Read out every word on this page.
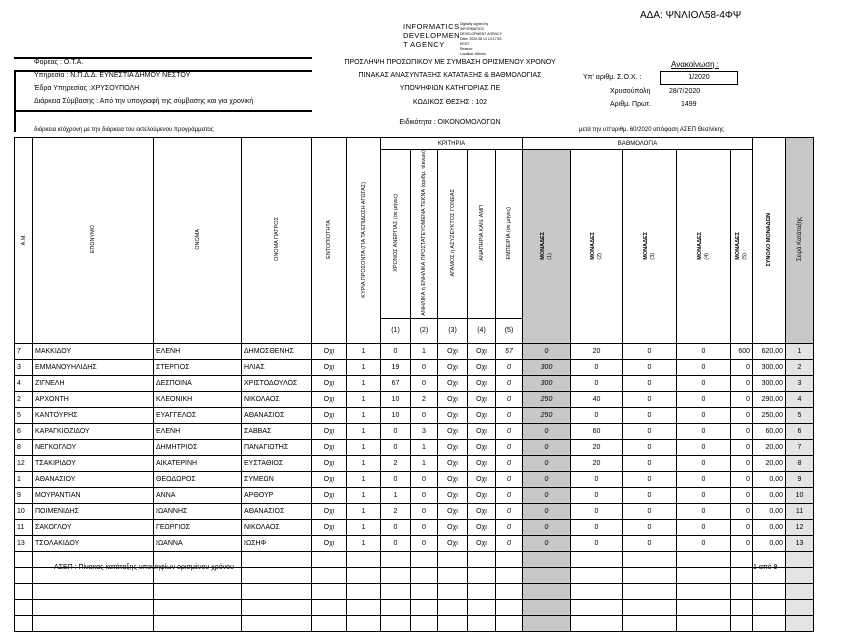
ΑΔΑ: ΨΝΛΙΟΛ58-4ΦΨ
INFORMATICS
DEVELOPMEN
T AGENCY
Digitally signed by
INFORMATICS
DEVELOPMENT AGENCY
Date: 2020.08.13 13:17:53
EEST
Reason:
Location: Athens
Φορέας : Ο.Τ.Α.
Υπηρεσία : Ν.Π.Δ.Δ. ΕΥΝΕΣΤΙΑ ΔΗΜΟΥ ΝΕΣΤΟΥ
Έδρα Υπηρεσίας :ΧΡΥΣΟΥΠΟΛΗ
Διάρκεια Σύμβασης : Από την υπογραφή της σύμβασης και για χρονική
διάρκεια ισόχρονη με την διάρκεια του εκτελούμενου προγράμματος
ΠΡΟΣΛΗΨΗ ΠΡΟΣΩΠΙΚΟΥ ΜΕ ΣΥΜΒΑΣΗ ΟΡΙΣΜΕΝΟΥ ΧΡΟΝΟΥ
ΠΙΝΑΚΑΣ ΑΝΑΣΥΝΤΑΞΗΣ ΚΑΤΑΤΑΞΗΣ & ΒΑΘΜΟΛΟΓΙΑΣ
ΥΠΟΨΗΦΙΩΝ ΚΑΤΗΓΟΡΙΑΣ ΠΕ
ΚΩΔΙΚΟΣ ΘΕΣΗΣ : 102
Ειδικότητα : ΟΙΚΟΝΟΜΟΛΟΓΩΝ
Ανακοίνωση :
Υπ' αριθμ. Σ.Ο.Χ. :	1/2020
Χρυσούπολη	28/7/2020
Αριθμ. Πρωτ.	1499
μετά την υπ'αριθμ. 60/2020 απόφαση ΑΣΕΠ Θεσ/νίκης
Α.Μ.	ΕΠΩΝΥΜΟ	ΟΝΟΜΑ	ΟΝΟΜΑ ΠΑΤΡΟΣ	ΕΝΤΟΠΙΟΤΗΤΑ	ΚΥΡΙΑ ΠΡΟΣΟΝΤΑ (ΓΙΑ ΤΑ ΕΠΙΔΟΣΗ ΑΓΩΓΑΣ)	ΚΡΙΤΗΡΙΑ					ΒΑΘΜΟΛΟΓΙΑ					ΣΥΝΟΛΟ ΜΟΝΑΔΩΝ	Σειρά Κατάταξης
						ΧΡΟΝΟΣ ΑΝΕΡΓΙΑΣ (σε μήνες)	ΑΝΗΛΙΚΑ ή ΕΝΗΛΙΚΑ ΠΡΟΣΤΑΤΕΥΟΜΕΝΑ ΤΕΚΝΑ (αριθμ. τέκνων)	ΑΓΑΜΟΣ ή ΑΣΥΖΕΥΚΤΟΣ ΓΟΝΕΑΣ	ΑΝΑΠΗΡΙΑ ΚΑΝ. ΑΜΠ	ΕΜΠΕΙΡΙΑ (σε μήνες)	ΜΟΝΑΔΕΣ (1)	ΜΟΝΑΔΕΣ (2)	ΜΟΝΑΔΕΣ (3)	ΜΟΝΑΔΕΣ (4)	ΜΟΝΑΔΕΣ (5)		
						(1)	(2)	(3)	(4)	(5)							
7	ΜΑΚΚΙΔΟΥ	ΕΛΕΝΗ	ΔΗΜΟΣΘΕΝΗΣ	Οχι	1	0	1	Οχι	Οχι	57	0	20	0	0	600	620,00	1
3	ΕΜΜΑΝΟΥΗΛΙΔΗΣ	ΣΤΕΡΓΙΟΣ	ΗΛΙΑΣ	Οχι	1	19	0	Οχι	Οχι	0	300	0	0	0	0	300,00	2
4	ΖΙΓΝΕΛΗ	ΔΕΣΠΟΙΝΑ	ΧΡΙΣΤΟΔΟΥΛΟΣ	Οχι	1	67	0	Οχι	Οχι	0	300	0	0	0	0	300,00	3
2	ΑΡΧΟΝΤΗ	ΚΛΕΟΝΙΚΗ	ΝΙΚΟΛΑΟΣ	Οχι	1	10	2	Οχι	Οχι	0	250	40	0	0	0	290,00	4
5	ΚΑΝΤΟΥΡΗΣ	ΕΥΑΓΓΕΛΟΣ	ΑΘΑΝΑΣΙΟΣ	Οχι	1	10	0	Οχι	Οχι	0	250	0	0	0	0	250,00	5
6	ΚΑΡΑΓΚΙΟΖΙΔΟΥ	ΕΛΕΝΗ	ΣΑΒΒΑΣ	Οχι	1	0	3	Οχι	Οχι	0	0	60	0	0	0	60,00	6
8	ΝΕΓΚΟΓΛΟΥ	ΔΗΜΗΤΡΙΟΣ	ΠΑΝΑΓΙΩΤΗΣ	Οχι	1	0	1	Οχι	Οχι	0	0	20	0	0	0	20,00	7
12	ΤΣΑΚΙΡΙΔΟΥ	ΑΙΚΑΤΕΡΙΝΗ	ΕΥΣΤΑΘΙΟΣ	Οχι	1	2	1	Οχι	Οχι	0	0	20	0	0	0	20,00	8
1	ΑΘΑΝΑΣΙΟΥ	ΘΕΟΔΩΡΟΣ	ΣΥΜΕΩΝ	Οχι	1	0	0	Οχι	Οχι	0	0	0	0	0	0	0,00	9
9	ΜΟΥΡΑΝΤΙΑΝ	ΑΝΝΑ	ΑΡΘΟΥΡ	Οχι	1	1	0	Οχι	Οχι	0	0	0	0	0	0	0,00	10
10	ΠΟΙΜΕΝΙΔΗΣ	ΙΩΑΝΝΗΣ	ΑΘΑΝΑΣΙΟΣ	Οχι	1	2	0	Οχι	Οχι	0	0	0	0	0	0	0,00	11
11	ΣΑΚΟΓΛΟΥ	ΓΕΩΡΓΙΟΣ	ΝΙΚΟΛΑΟΣ	Οχι	1	0	0	Οχι	Οχι	0	0	0	0	0	0	0,00	12
13	ΤΣΟΛΑΚΙΔΟΥ	ΙΩΑΝΝΑ	ΙΩΣΗΦ	Οχι	1	0	0	Οχι	Οχι	0	0	0	0	0	0	0,00	13

ΑΣΕΠ : Πίνακας κατάταξης υποψηφίων ορισμένου χρόνου	1 από 9
